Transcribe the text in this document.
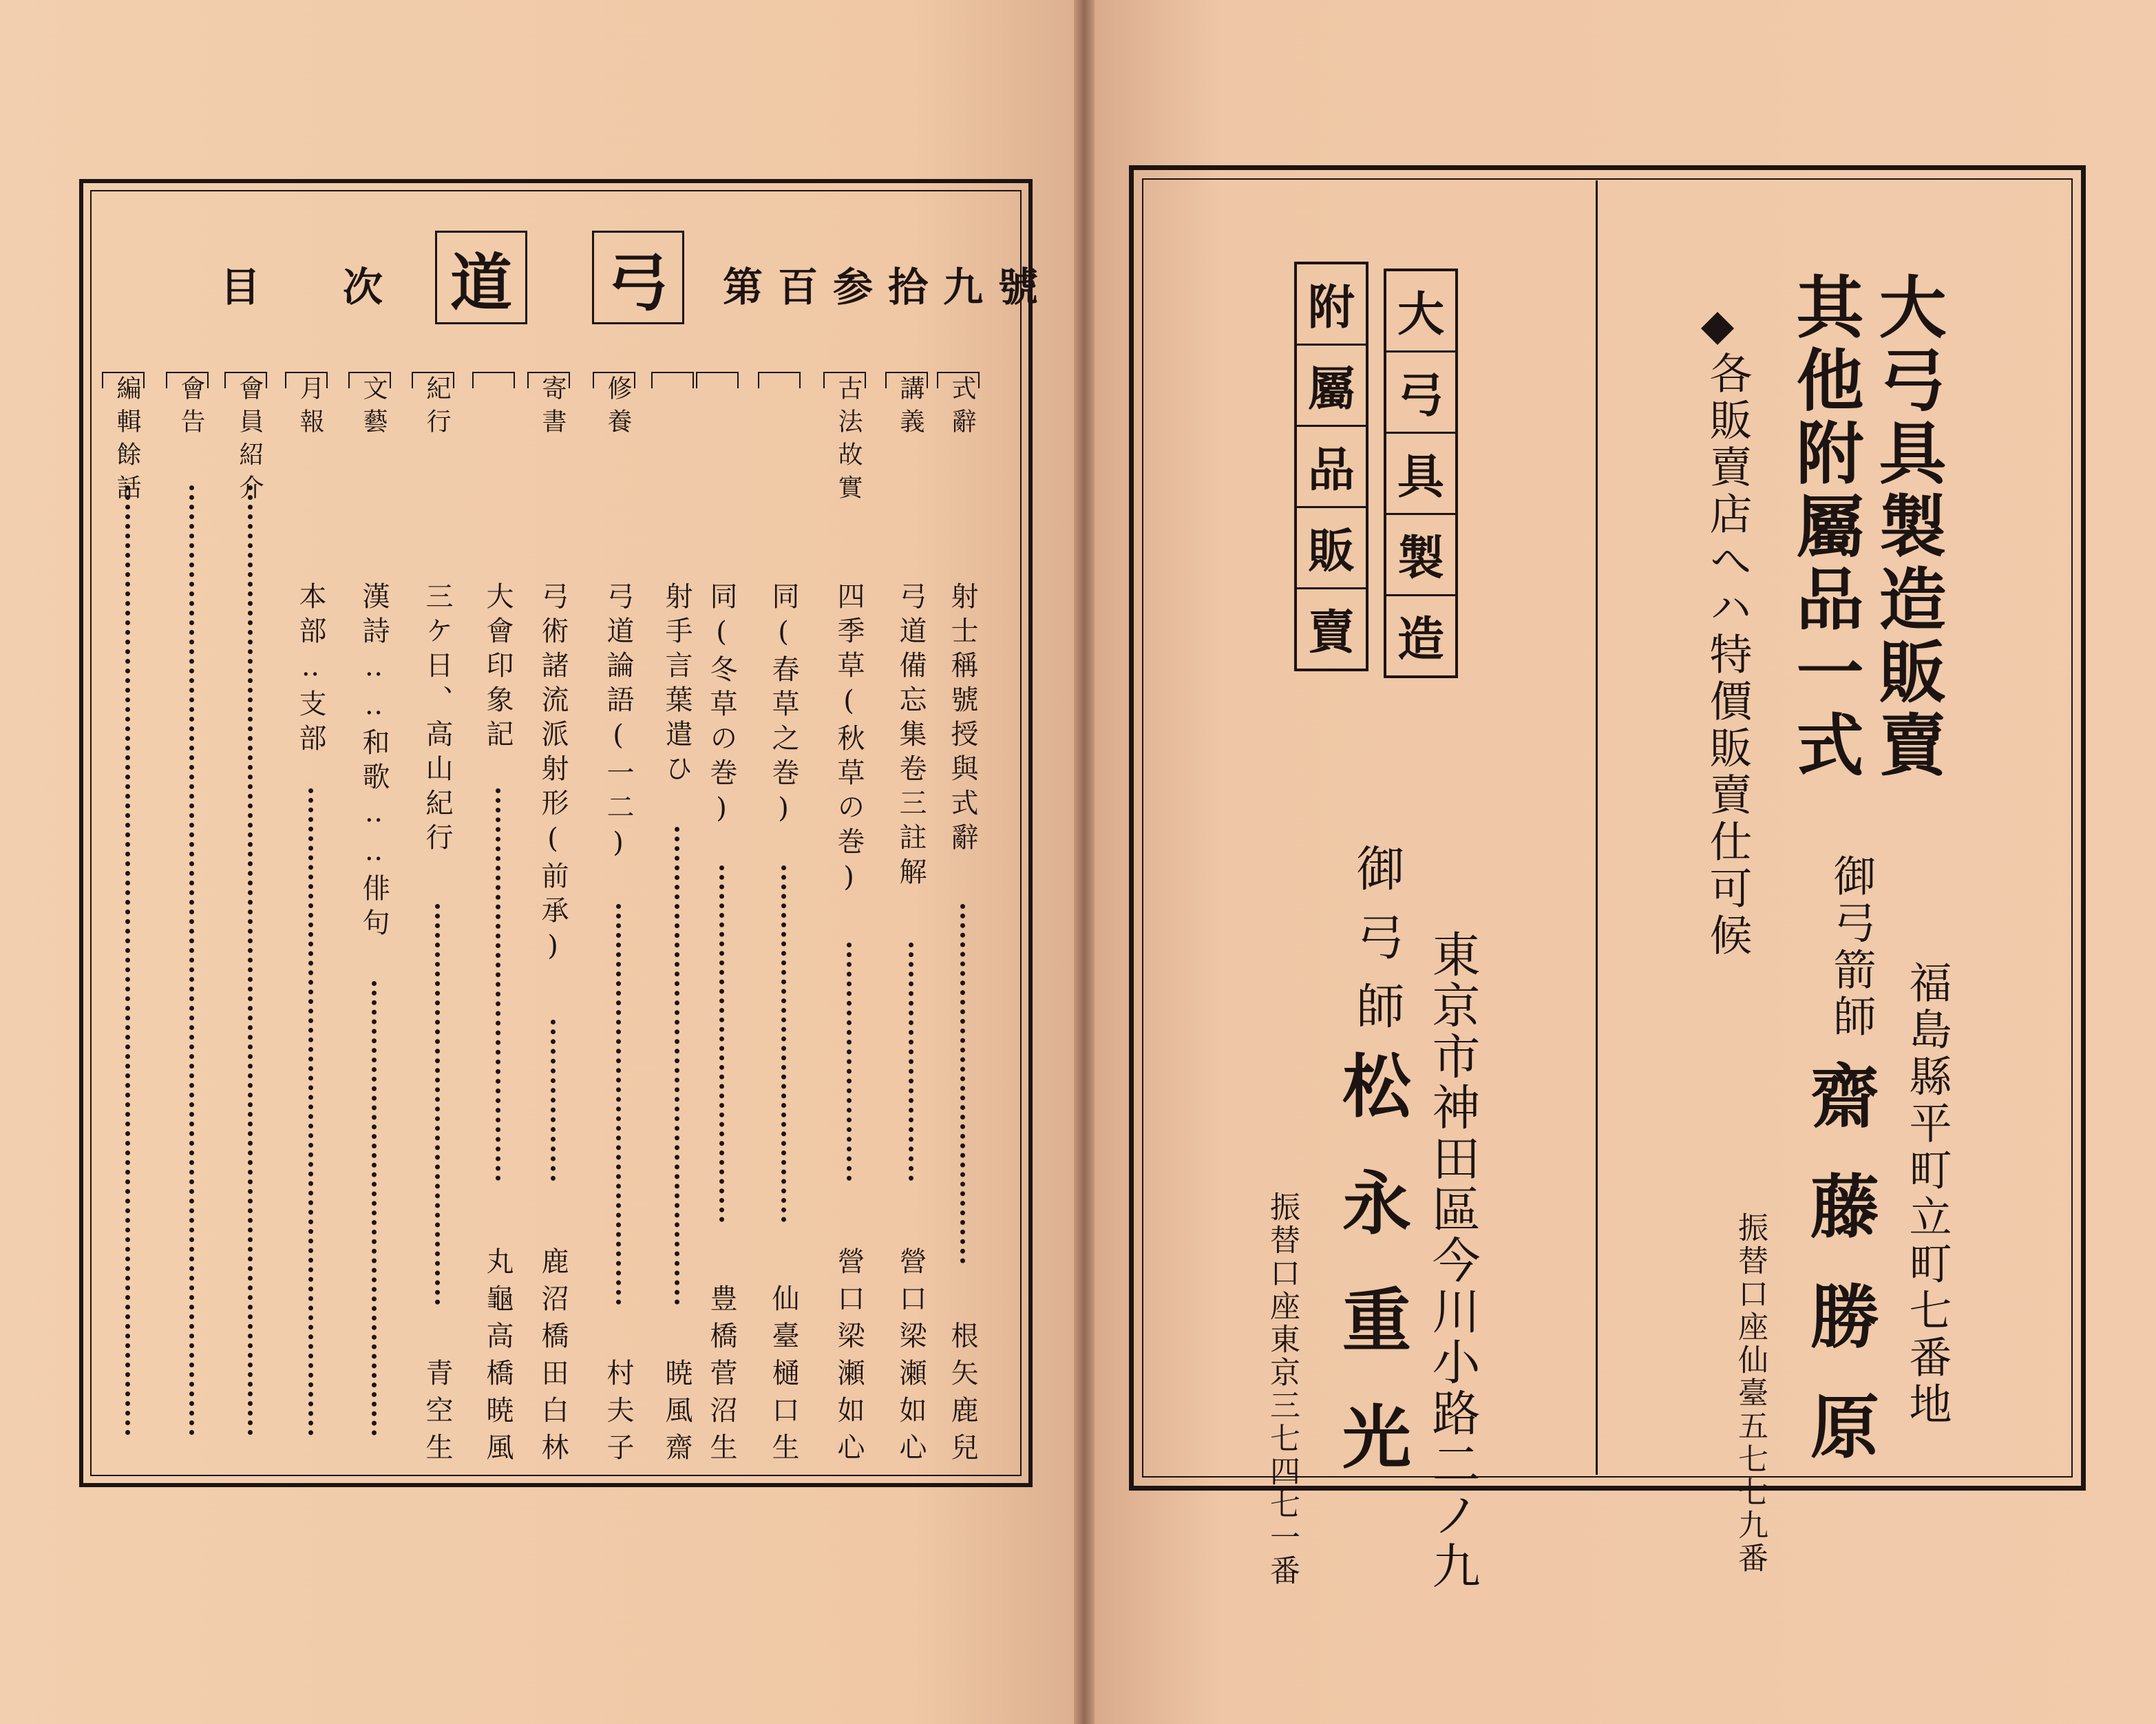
第百参拾九號
弓
道
目次
式辭
射士稱號授與式辭
根矢鹿兒
講義
弓道備忘集卷三註解
營口梁瀬如心
古法故實
四季草(秋草の巻)
營口梁瀬如心
同(春草之巻)
仙臺樋口生
同(冬草の巻)
豊橋菅沼生
射手言葉遣ひ
暁風齋
修養
弓道論語(一二)
村夫子
寄書
弓術諸流派射形(前承)
鹿沼橋田白林
大會印象記
丸龜高橋暁風
紀行
三ケ日、高山紀行
青空生
文藝
漢詩‥‥和歌‥‥俳句
月報
本部‥支部
會員紹介
會告
編輯餘話	大弓具製造販賣
其他附屬品一式
各販賣店へハ特價販賣仕可候
福島縣平町立町七番地
御弓箭師
齋藤勝原
振替口座仙臺五七七九番
大
弓
具
製
造
附
屬
品
販
賣
東京市神田區今川小路二ノ九
御弓師
松永重光
振替口座東京三七四七一番
